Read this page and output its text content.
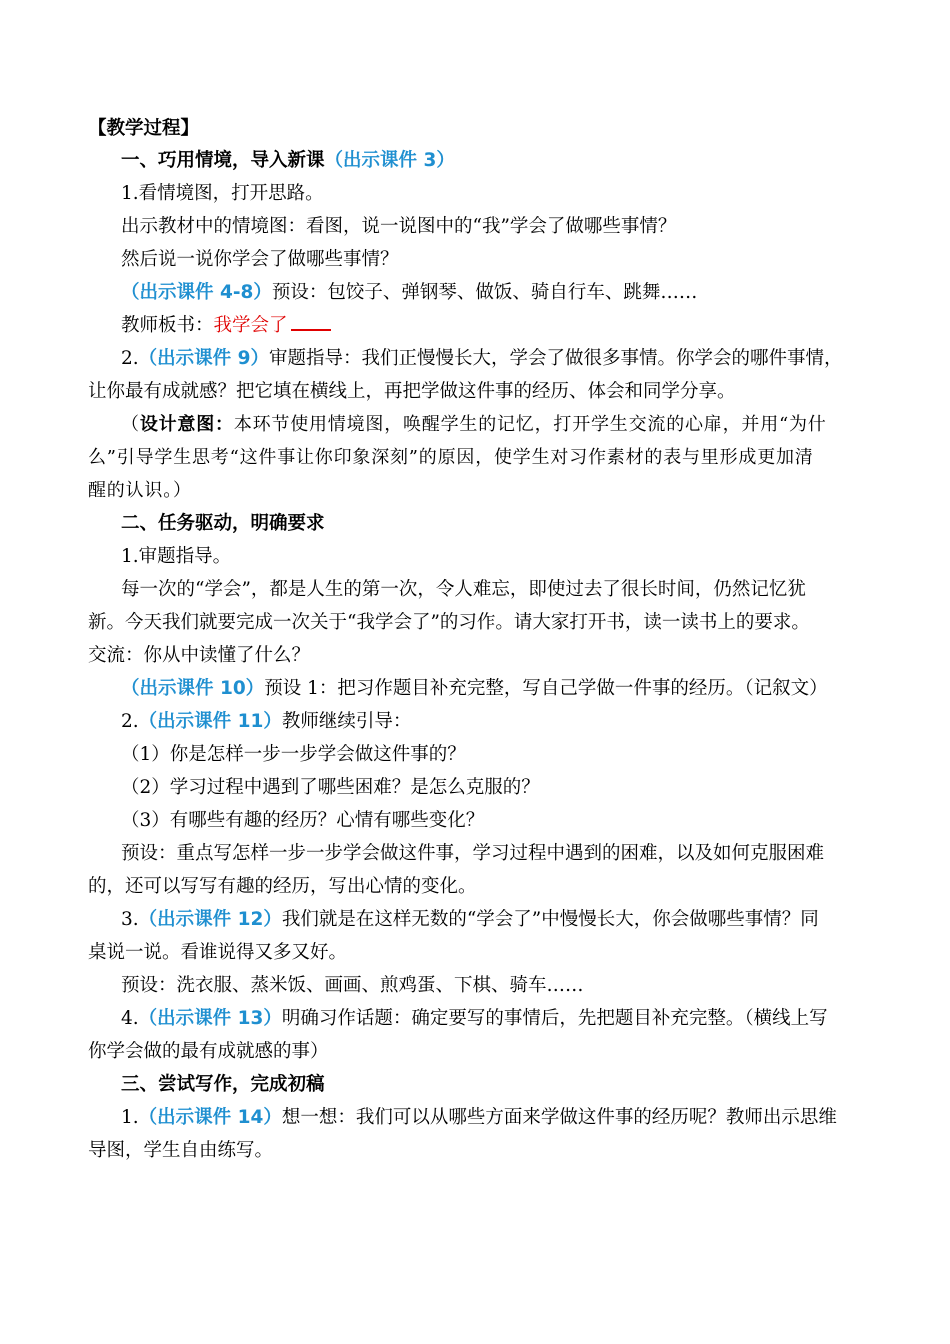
【教学过程】
一、巧用情境，导入新课（出示课件 3）
1.看情境图，打开思路。
出示教材中的情境图：看图，说一说图中的“我”学会了做哪些事情？
然后说一说你学会了做哪些事情？
（出示课件 4-8）预设：包饺子、弹钢琴、做饭、骑自行车、跳舞……
教师板书：我学会了
2.（出示课件 9）审题指导：我们正慢慢长大，学会了做很多事情。你学会的哪件事情，
让你最有成就感？把它填在横线上，再把学做这件事的经历、体会和同学分享。
（设计意图：本环节使用情境图，唤醒学生的记忆，打开学生交流的心扉，并用“为什
么”引导学生思考“这件事让你印象深刻”的原因，使学生对习作素材的表与里形成更加清
醒的认识。）
二、任务驱动，明确要求
1.审题指导。
每一次的“学会”，都是人生的第一次，令人难忘，即使过去了很长时间，仍然记忆犹
新。今天我们就要完成一次关于“我学会了”的习作。请大家打开书，读一读书上的要求。
交流：你从中读懂了什么？
（出示课件 10）预设 1：把习作题目补充完整，写自己学做一件事的经历。（记叙文）
2.（出示课件 11）教师继续引导：
（1）你是怎样一步一步学会做这件事的？
（2）学习过程中遇到了哪些困难？是怎么克服的？
（3）有哪些有趣的经历？心情有哪些变化？
预设：重点写怎样一步一步学会做这件事，学习过程中遇到的困难，以及如何克服困难
的，还可以写写有趣的经历，写出心情的变化。
3.（出示课件 12）我们就是在这样无数的“学会了”中慢慢长大，你会做哪些事情？同
桌说一说。看谁说得又多又好。
预设：洗衣服、蒸米饭、画画、煎鸡蛋、下棋、骑车……
4.（出示课件 13）明确习作话题：确定要写的事情后，先把题目补充完整。（横线上写
你学会做的最有成就感的事）
三、尝试写作，完成初稿
1.（出示课件 14）想一想：我们可以从哪些方面来学做这件事的经历呢？教师出示思维
导图，学生自由练写。
